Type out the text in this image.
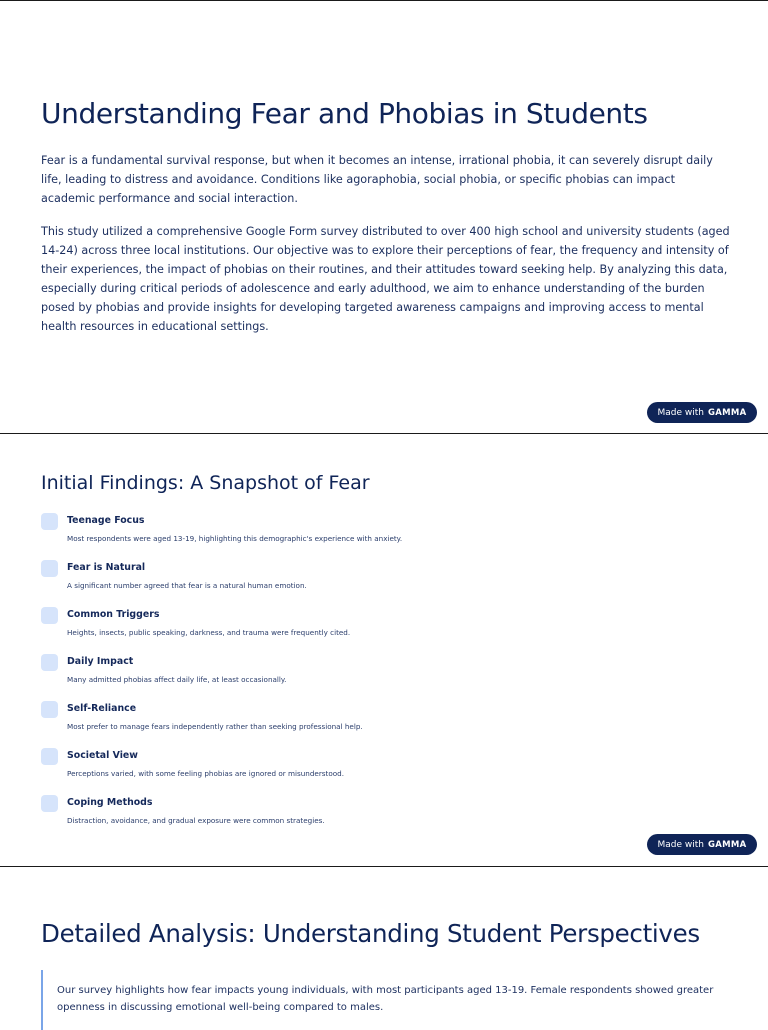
Understanding Fear and Phobias in Students

Fear is a fundamental survival response, but when it becomes an intense, irrational phobia, it can severely disrupt daily life, leading to distress and avoidance. Conditions like agoraphobia, social phobia, or specific phobias can impact academic performance and social interaction.

This study utilized a comprehensive Google Form survey distributed to over 400 high school and university students (aged 14-24) across three local institutions. Our objective was to explore their perceptions of fear, the frequency and intensity of their experiences, the impact of phobias on their routines, and their attitudes toward seeking help. By analyzing this data, especially during critical periods of adolescence and early adulthood, we aim to enhance understanding of the burden posed by phobias and provide insights for developing targeted awareness campaigns and improving access to mental health resources in educational settings.

Made with GAMMA
Initial Findings: A Snapshot of Fear
Teenage Focus
Most respondents were aged 13-19, highlighting this demographic's experience with anxiety.
Fear is Natural
A significant number agreed that fear is a natural human emotion.
Common Triggers
Heights, insects, public speaking, darkness, and trauma were frequently cited.
Daily Impact
Many admitted phobias affect daily life, at least occasionally.
Self-Reliance
Most prefer to manage fears independently rather than seeking professional help.
Societal View
Perceptions varied, with some feeling phobias are ignored or misunderstood.
Coping Methods
Distraction, avoidance, and gradual exposure were common strategies.
Made with GAMMA
Detailed Analysis: Understanding Student Perspectives
Our survey highlights how fear impacts young individuals, with most participants aged 13-19. Female respondents showed greater openness in discussing emotional well-being compared to males.
